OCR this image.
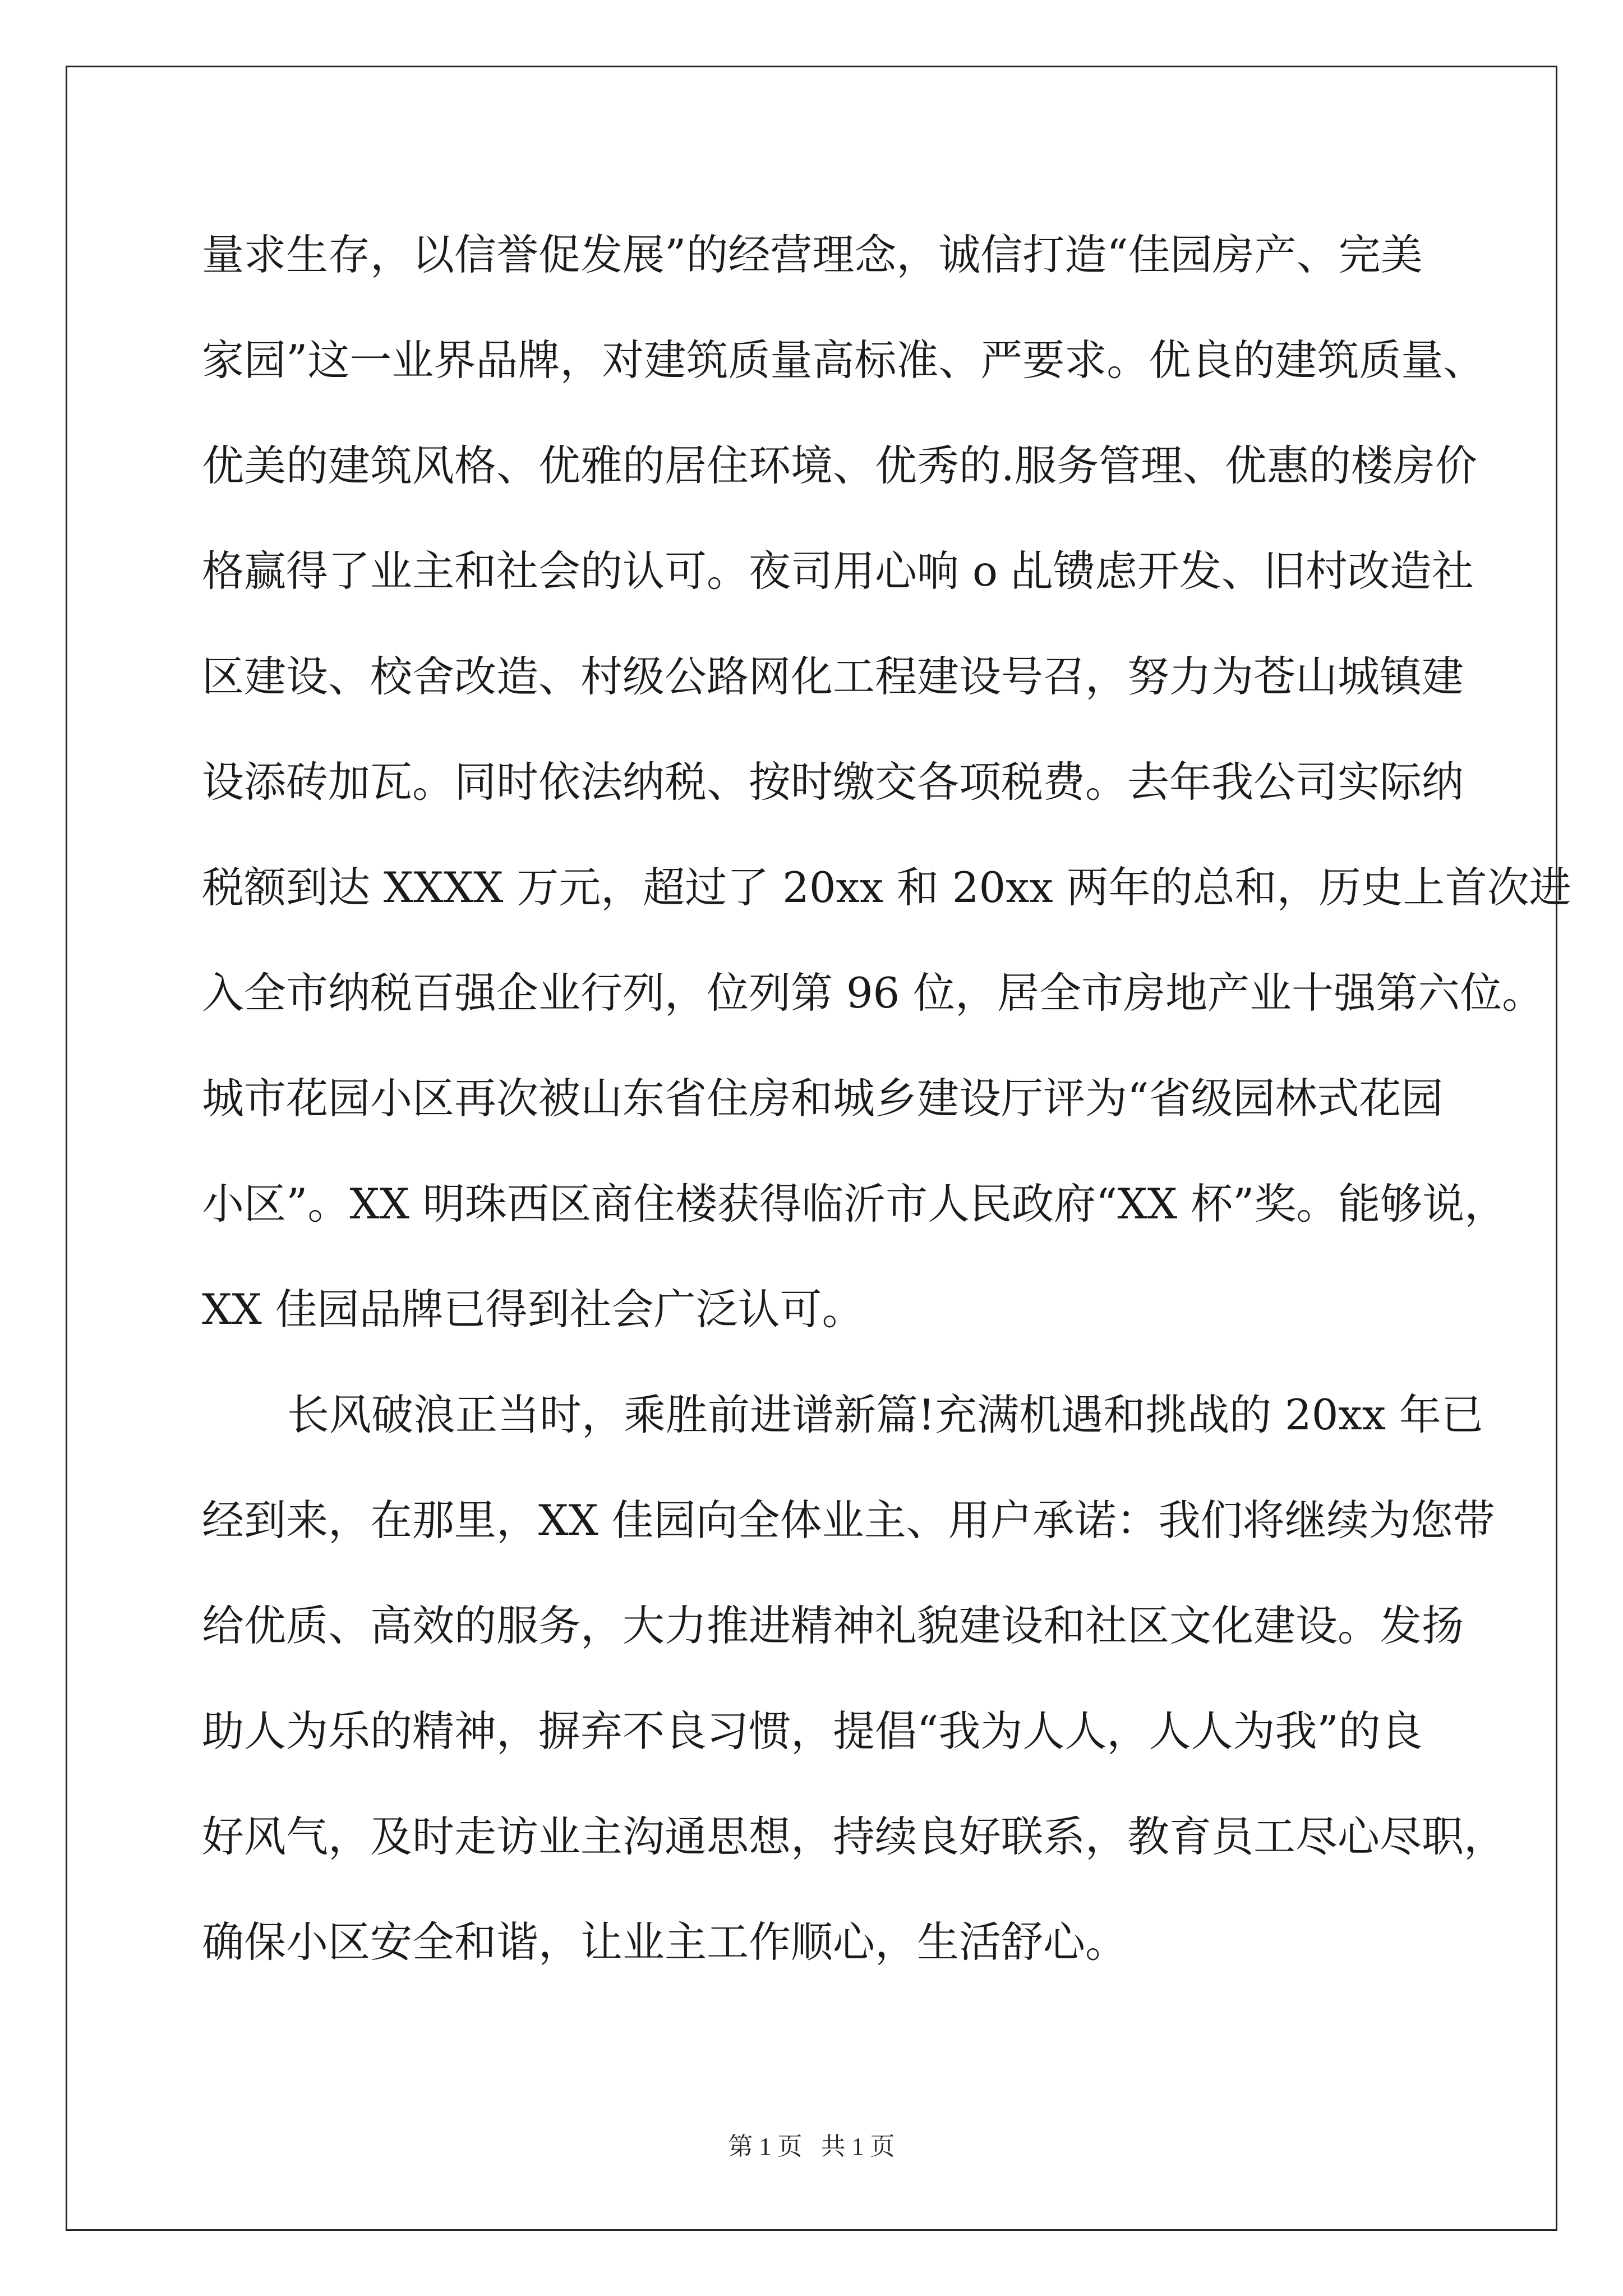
量求生存，以信誉促发展”的经营理念，诚信打造“佳园房产、完美
家园”这一业界品牌，对建筑质量高标准、严要求。优良的建筑质量、
优美的建筑风格、优雅的居住环境、优秀的.服务管理、优惠的楼房价
格赢得了业主和社会的认可。夜司用心响 o 乩镄虑开发、旧村改造社
区建设、校舍改造、村级公路网化工程建设号召，努力为苍山城镇建
设添砖加瓦。同时依法纳税、按时缴交各项税费。去年我公司实际纳
税额到达 XXXX 万元，超过了 20xx 和 20xx 两年的总和，历史上首次进
入全市纳税百强企业行列，位列第 96 位，居全市房地产业十强第六位。
城市花园小区再次被山东省住房和城乡建设厅评为“省级园林式花园
小区”。XX 明珠西区商住楼获得临沂市人民政府“XX 杯”奖。能够说，
XX 佳园品牌已得到社会广泛认可。
长风破浪正当时，乘胜前进谱新篇!充满机遇和挑战的 20xx 年已
经到来，在那里，XX 佳园向全体业主、用户承诺：我们将继续为您带
给优质、高效的服务，大力推进精神礼貌建设和社区文化建设。发扬
助人为乐的精神，摒弃不良习惯，提倡“我为人人，人人为我”的良
好风气，及时走访业主沟通思想，持续良好联系，教育员工尽心尽职，
确保小区安全和谐，让业主工作顺心，生活舒心。
第 1 页   共 1 页
